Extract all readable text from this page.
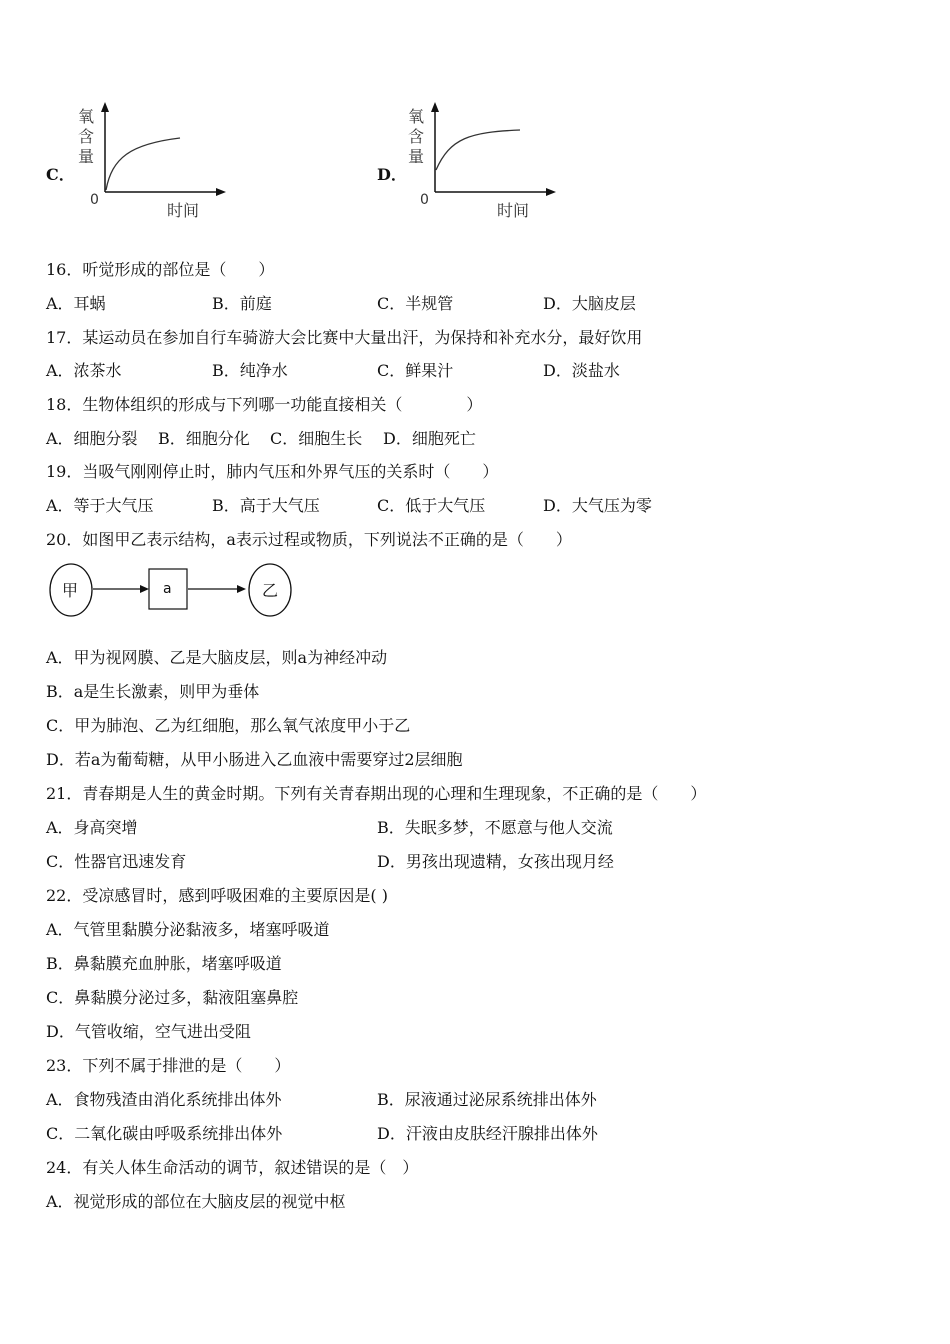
C．
氧
含
量
0
时间
D．
氧
含
量
0
时间
16．听觉形成的部位是（　　）
A．耳蜗	B．前庭	C．半规管	D．大脑皮层
17．某运动员在参加自行车骑游大会比赛中大量出汗，为保持和补充水分，最好饮用
A．浓茶水	B．纯净水	C．鲜果汁	D．淡盐水
18．生物体组织的形成与下列哪一功能直接相关（　　　　）
A．细胞分裂 B．细胞分化 C．细胞生长 D．细胞死亡
19．当吸气刚刚停止时，肺内气压和外界气压的关系时（　　）
A．等于大气压	B．高于大气压	C．低于大气压	D．大气压为零
20．如图甲乙表示结构，a表示过程或物质，下列说法不正确的是（　　）
甲	a	乙
A．甲为视网膜、乙是大脑皮层，则a为神经冲动
B．a是生长激素，则甲为垂体
C．甲为肺泡、乙为红细胞，那么氧气浓度甲小于乙
D．若a为葡萄糖，从甲小肠进入乙血液中需要穿过2层细胞
21．青春期是人生的黄金时期。下列有关青春期出现的心理和生理现象，不正确的是（　　）
A．身高突增	B．失眠多梦，不愿意与他人交流
C．性器官迅速发育	D．男孩出现遗精，女孩出现月经
22．受凉感冒时，感到呼吸困难的主要原因是( )
A．气管里黏膜分泌黏液多，堵塞呼吸道
B．鼻黏膜充血肿胀，堵塞呼吸道
C．鼻黏膜分泌过多，黏液阻塞鼻腔
D．气管收缩，空气进出受阻
23．下列不属于排泄的是（　　）
A．食物残渣由消化系统排出体外	B．尿液通过泌尿系统排出体外
C．二氧化碳由呼吸系统排出体外	D．汗液由皮肤经汗腺排出体外
24．有关人体生命活动的调节，叙述错误的是（　）
A．视觉形成的部位在大脑皮层的视觉中枢
